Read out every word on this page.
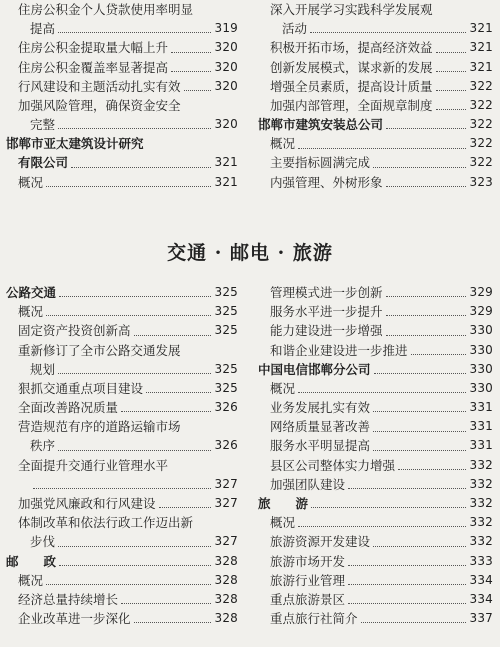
住房公积金个人贷款使用率明显
提高	319
住房公积金提取量大幅上升	320
住房公积金覆盖率显著提高	320
行风建设和主题活动扎实有效	320
加强风险管理，确保资金安全
完整	320
邯郸市亚太建筑设计研究
有限公司	321
概况	321
深入开展学习实践科学发展观
活动	321
积极开拓市场，提高经济效益	321
创新发展模式，谋求新的发展	321
增强全员素质，提高设计质量	322
加强内部管理，全面规章制度	322
邯郸市建筑安装总公司	322
概况	322
主要指标圆满完成	322
内强管理、外树形象	323
交通 · 邮电 · 旅游
公路交通	325
概况	325
固定资产投资创新高	325
重新修订了全市公路交通发展
规划	325
狠抓交通重点项目建设	325
全面改善路况质量	326
营造规范有序的道路运输市场
秩序	326
全面提升交通行业管理水平
327
加强党风廉政和行风建设	327
体制改革和依法行政工作迈出新
步伐	327
邮　　政	328
概况	328
经济总量持续增长	328
企业改革进一步深化	328
管理模式进一步创新	329
服务水平进一步提升	329
能力建设进一步增强	330
和谐企业建设进一步推进	330
中国电信邯郸分公司	330
概况	330
业务发展扎实有效	331
网络质量显著改善	331
服务水平明显提高	331
县区公司整体实力增强	332
加强团队建设	332
旅　　游	332
概况	332
旅游资源开发建设	332
旅游市场开发	333
旅游行业管理	334
重点旅游景区	334
重点旅行社简介	337
